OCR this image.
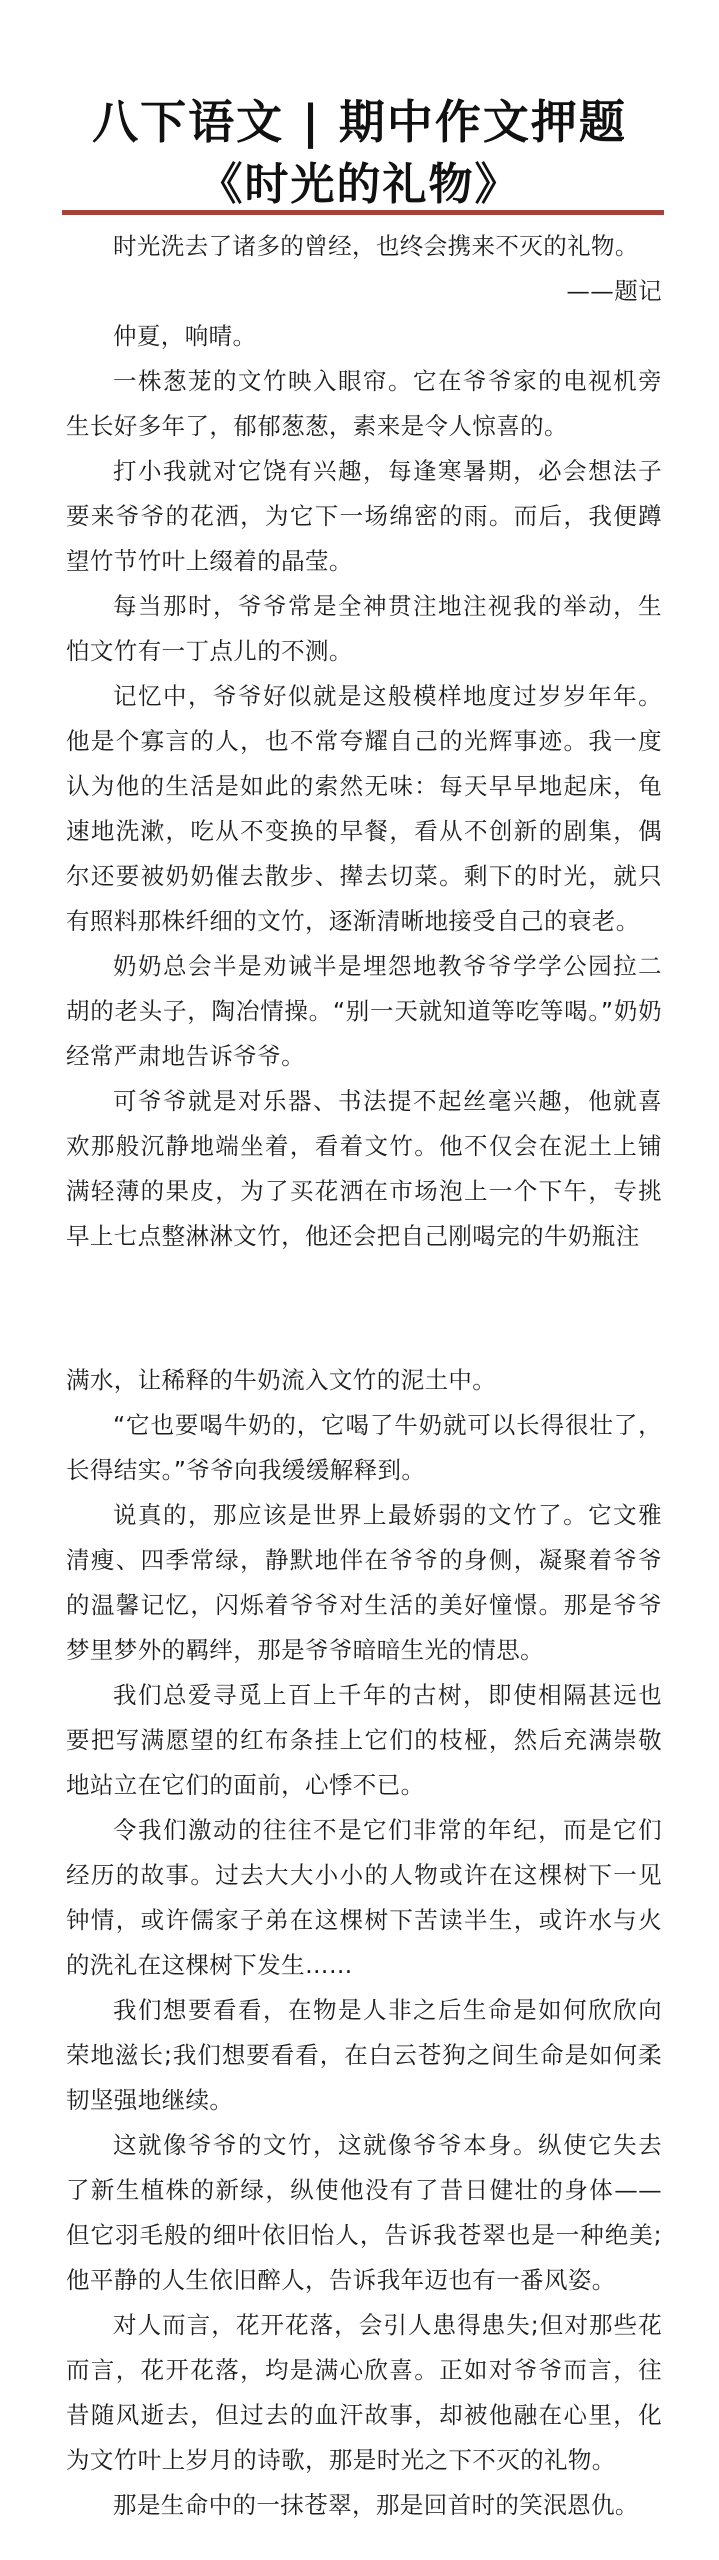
八下语文 | 期中作文押题
《时光的礼物》

时光洗去了诸多的曾经，也终会携来不灭的礼物。

——题记

仲夏，响晴。

一株葱茏的文竹映入眼帘。它在爷爷家的电视机旁生长好多年了，郁郁葱葱，素来是令人惊喜的。

打小我就对它饶有兴趣，每逢寒暑期，必会想法子要来爷爷的花洒，为它下一场绵密的雨。而后，我便蹲望竹节竹叶上缀着的晶莹。

每当那时，爷爷常是全神贯注地注视我的举动，生怕文竹有一丁点儿的不测。

记忆中，爷爷好似就是这般模样地度过岁岁年年。他是个寡言的人，也不常夸耀自己的光辉事迹。我一度认为他的生活是如此的索然无味：每天早早地起床，龟速地洗漱，吃从不变换的早餐，看从不创新的剧集，偶尔还要被奶奶催去散步、撵去切菜。剩下的时光，就只有照料那株纤细的文竹，逐渐清晰地接受自己的衰老。

奶奶总会半是劝诫半是埋怨地教爷爷学学公园拉二胡的老头子，陶冶情操。“别一天就知道等吃等喝。”奶奶经常严肃地告诉爷爷。

可爷爷就是对乐器、书法提不起丝毫兴趣，他就喜欢那般沉静地端坐着，看着文竹。他不仅会在泥土上铺满轻薄的果皮，为了买花洒在市场泡上一个下午，专挑早上七点整淋淋文竹，他还会把自己刚喝完的牛奶瓶注

满水，让稀释的牛奶流入文竹的泥土中。

“它也要喝牛奶的，它喝了牛奶就可以长得很壮了，长得结实。”爷爷向我缓缓解释到。

说真的，那应该是世界上最娇弱的文竹了。它文雅清瘦、四季常绿，静默地伴在爷爷的身侧，凝聚着爷爷的温馨记忆，闪烁着爷爷对生活的美好憧憬。那是爷爷梦里梦外的羁绊，那是爷爷暗暗生光的情思。

我们总爱寻觅上百上千年的古树，即使相隔甚远也要把写满愿望的红布条挂上它们的枝桠，然后充满崇敬地站立在它们的面前，心悸不已。

令我们激动的往往不是它们非常的年纪，而是它们经历的故事。过去大大小小的人物或许在这棵树下一见钟情，或许儒家子弟在这棵树下苦读半生，或许水与火的洗礼在这棵树下发生……

我们想要看看，在物是人非之后生命是如何欣欣向荣地滋长;我们想要看看，在白云苍狗之间生命是如何柔韧坚强地继续。

这就像爷爷的文竹，这就像爷爷本身。纵使它失去了新生植株的新绿，纵使他没有了昔日健壮的身体——但它羽毛般的细叶依旧怡人，告诉我苍翠也是一种绝美;他平静的人生依旧醉人，告诉我年迈也有一番风姿。

对人而言，花开花落，会引人患得患失;但对那些花而言，花开花落，均是满心欣喜。正如对爷爷而言，往昔随风逝去，但过去的血汗故事，却被他融在心里，化为文竹叶上岁月的诗歌，那是时光之下不灭的礼物。

那是生命中的一抹苍翠，那是回首时的笑泯恩仇。
